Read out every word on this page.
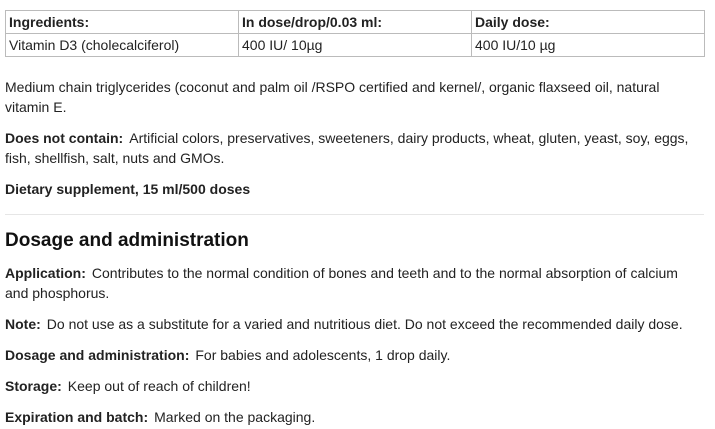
Ingredients:	In dose/drop/0.03 ml:	Daily dose:
Vitamin D3 (cholecalciferol)	400 IU/ 10µg	400 IU/10 µg

Medium chain triglycerides (coconut and palm oil /RSPO certified and kernel/, organic flaxseed oil, natural vitamin E.

Does not contain: Artificial colors, preservatives, sweeteners, dairy products, wheat, gluten, yeast, soy, eggs, fish, shellfish, salt, nuts and GMOs.

Dietary supplement, 15 ml/500 doses

Dosage and administration

Application: Contributes to the normal condition of bones and teeth and to the normal absorption of calcium and phosphorus.

Note: Do not use as a substitute for a varied and nutritious diet. Do not exceed the recommended daily dose.

Dosage and administration: For babies and adolescents, 1 drop daily.

Storage: Keep out of reach of children!

Expiration and batch: Marked on the packaging.
